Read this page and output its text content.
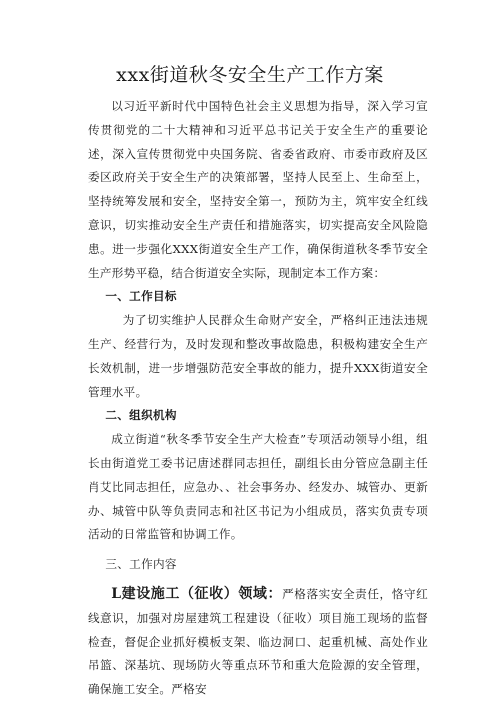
xxx街道秋冬安全生产工作方案

以习近平新时代中国特色社会主义思想为指导，深入学习宣传贯彻党的二十大精神和习近平总书记关于安全生产的重要论述，深入宣传贯彻党中央国务院、省委省政府、市委市政府及区委区政府关于安全生产的决策部署，坚持人民至上、生命至上，坚持统筹发展和安全，坚持安全第一，预防为主，筑牢安全红线意识，切实推动安全生产责任和措施落实，切实提高安全风险隐患。进一步强化XXX街道安全生产工作，确保街道秋冬季节安全生产形势平稳，结合街道安全实际，现制定本工作方案：

一、工作目标

为了切实维护人民群众生命财产安全，严格纠正违法违规生产、经营行为，及时发现和整改事故隐患，积极构建安全生产长效机制，进一步增强防范安全事故的能力，提升XXX街道安全管理水平。

二、组织机构

成立街道“秋冬季节安全生产大检查”专项活动领导小组，组长由街道党工委书记唐述群同志担任，副组长由分管应急副主任肖艾比同志担任，应急办、、社会事务办、经发办、城管办、更新办、城管中队等负责同志和社区书记为小组成员，落实负责专项活动的日常监管和协调工作。

三、工作内容

L建设施工（征收）领域：严格落实安全责任，恪守红线意识，加强对房屋建筑工程建设（征收）项目施工现场的监督检查，督促企业抓好模板支架、临边洞口、起重机械、高处作业吊篮、深基坑、现场防火等重点环节和重大危险源的安全管理，确保施工安全。严格安
